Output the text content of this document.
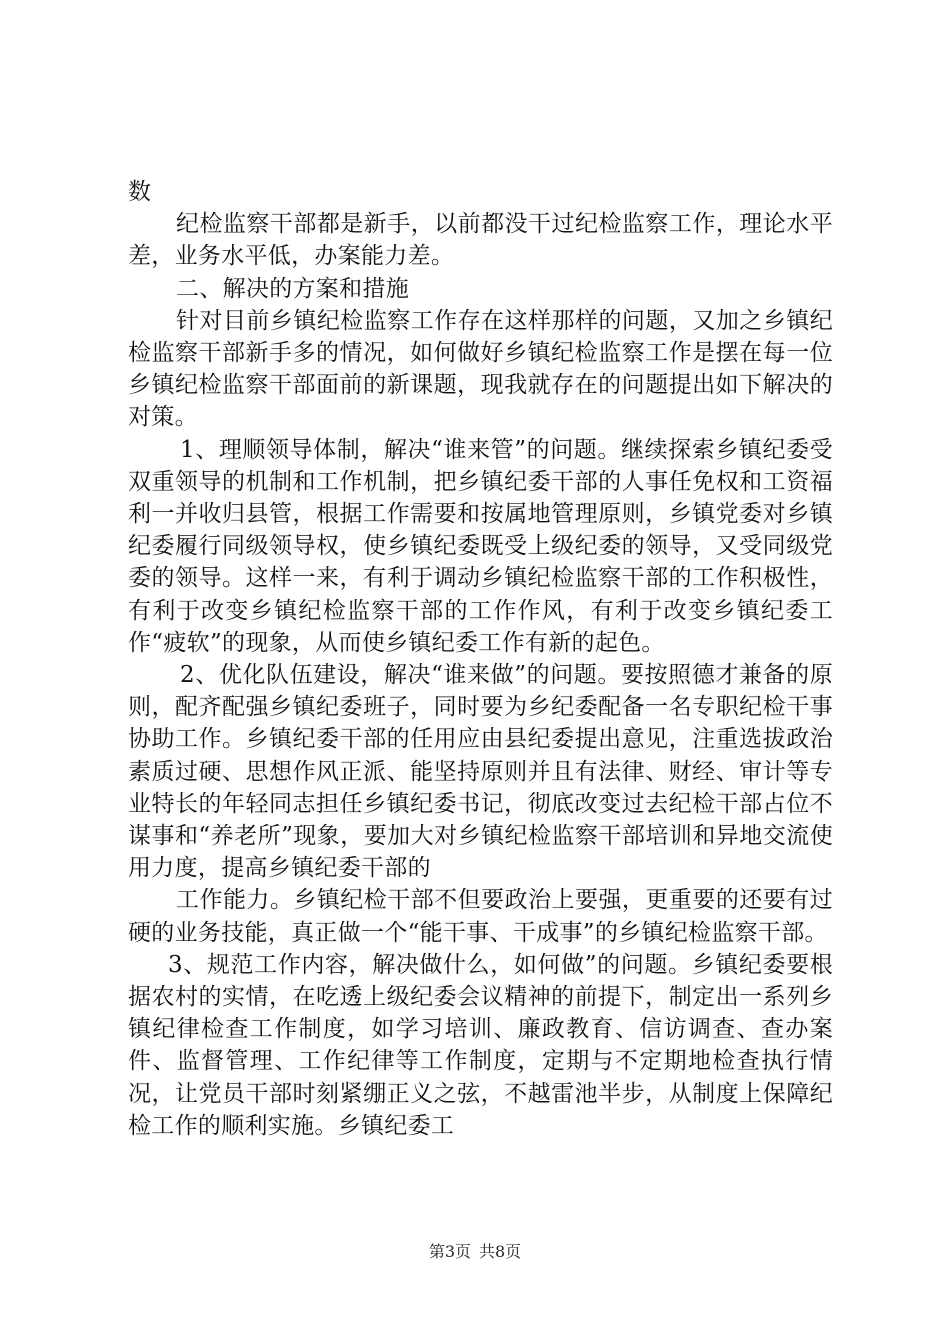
数

纪检监察干部都是新手，以前都没干过纪检监察工作，理论水平差，业务水平低，办案能力差。

二、解决的方案和措施

针对目前乡镇纪检监察工作存在这样那样的问题，又加之乡镇纪检监察干部新手多的情况，如何做好乡镇纪检监察工作是摆在每一位乡镇纪检监察干部面前的新课题，现我就存在的问题提出如下解决的对策。

1、理顺领导体制，解决“谁来管”的问题。继续探索乡镇纪委受双重领导的机制和工作机制，把乡镇纪委干部的人事任免权和工资福利一并收归县管，根据工作需要和按属地管理原则，乡镇党委对乡镇纪委履行同级领导权，使乡镇纪委既受上级纪委的领导，又受同级党委的领导。这样一来，有利于调动乡镇纪检监察干部的工作积极性，有利于改变乡镇纪检监察干部的工作作风，有利于改变乡镇纪委工作“疲软”的现象，从而使乡镇纪委工作有新的起色。

2、优化队伍建设，解决“谁来做”的问题。要按照德才兼备的原则，配齐配强乡镇纪委班子，同时要为乡纪委配备一名专职纪检干事协助工作。乡镇纪委干部的任用应由县纪委提出意见，注重选拔政治素质过硬、思想作风正派、能坚持原则并且有法律、财经、审计等专业特长的年轻同志担任乡镇纪委书记，彻底改变过去纪检干部占位不谋事和“养老所”现象，要加大对乡镇纪检监察干部培训和异地交流使用力度，提高乡镇纪委干部的

工作能力。乡镇纪检干部不但要政治上要强，更重要的还要有过硬的业务技能，真正做一个“能干事、干成事”的乡镇纪检监察干部。

3、规范工作内容，解决做什么，如何做”的问题。乡镇纪委要根据农村的实情，在吃透上级纪委会议精神的前提下，制定出一系列乡镇纪律检查工作制度，如学习培训、廉政教育、信访调查、查办案件、监督管理、工作纪律等工作制度，定期与不定期地检查执行情况，让党员干部时刻紧绷正义之弦，不越雷池半步，从制度上保障纪检工作的顺利实施。乡镇纪委工

第3页 共8页
